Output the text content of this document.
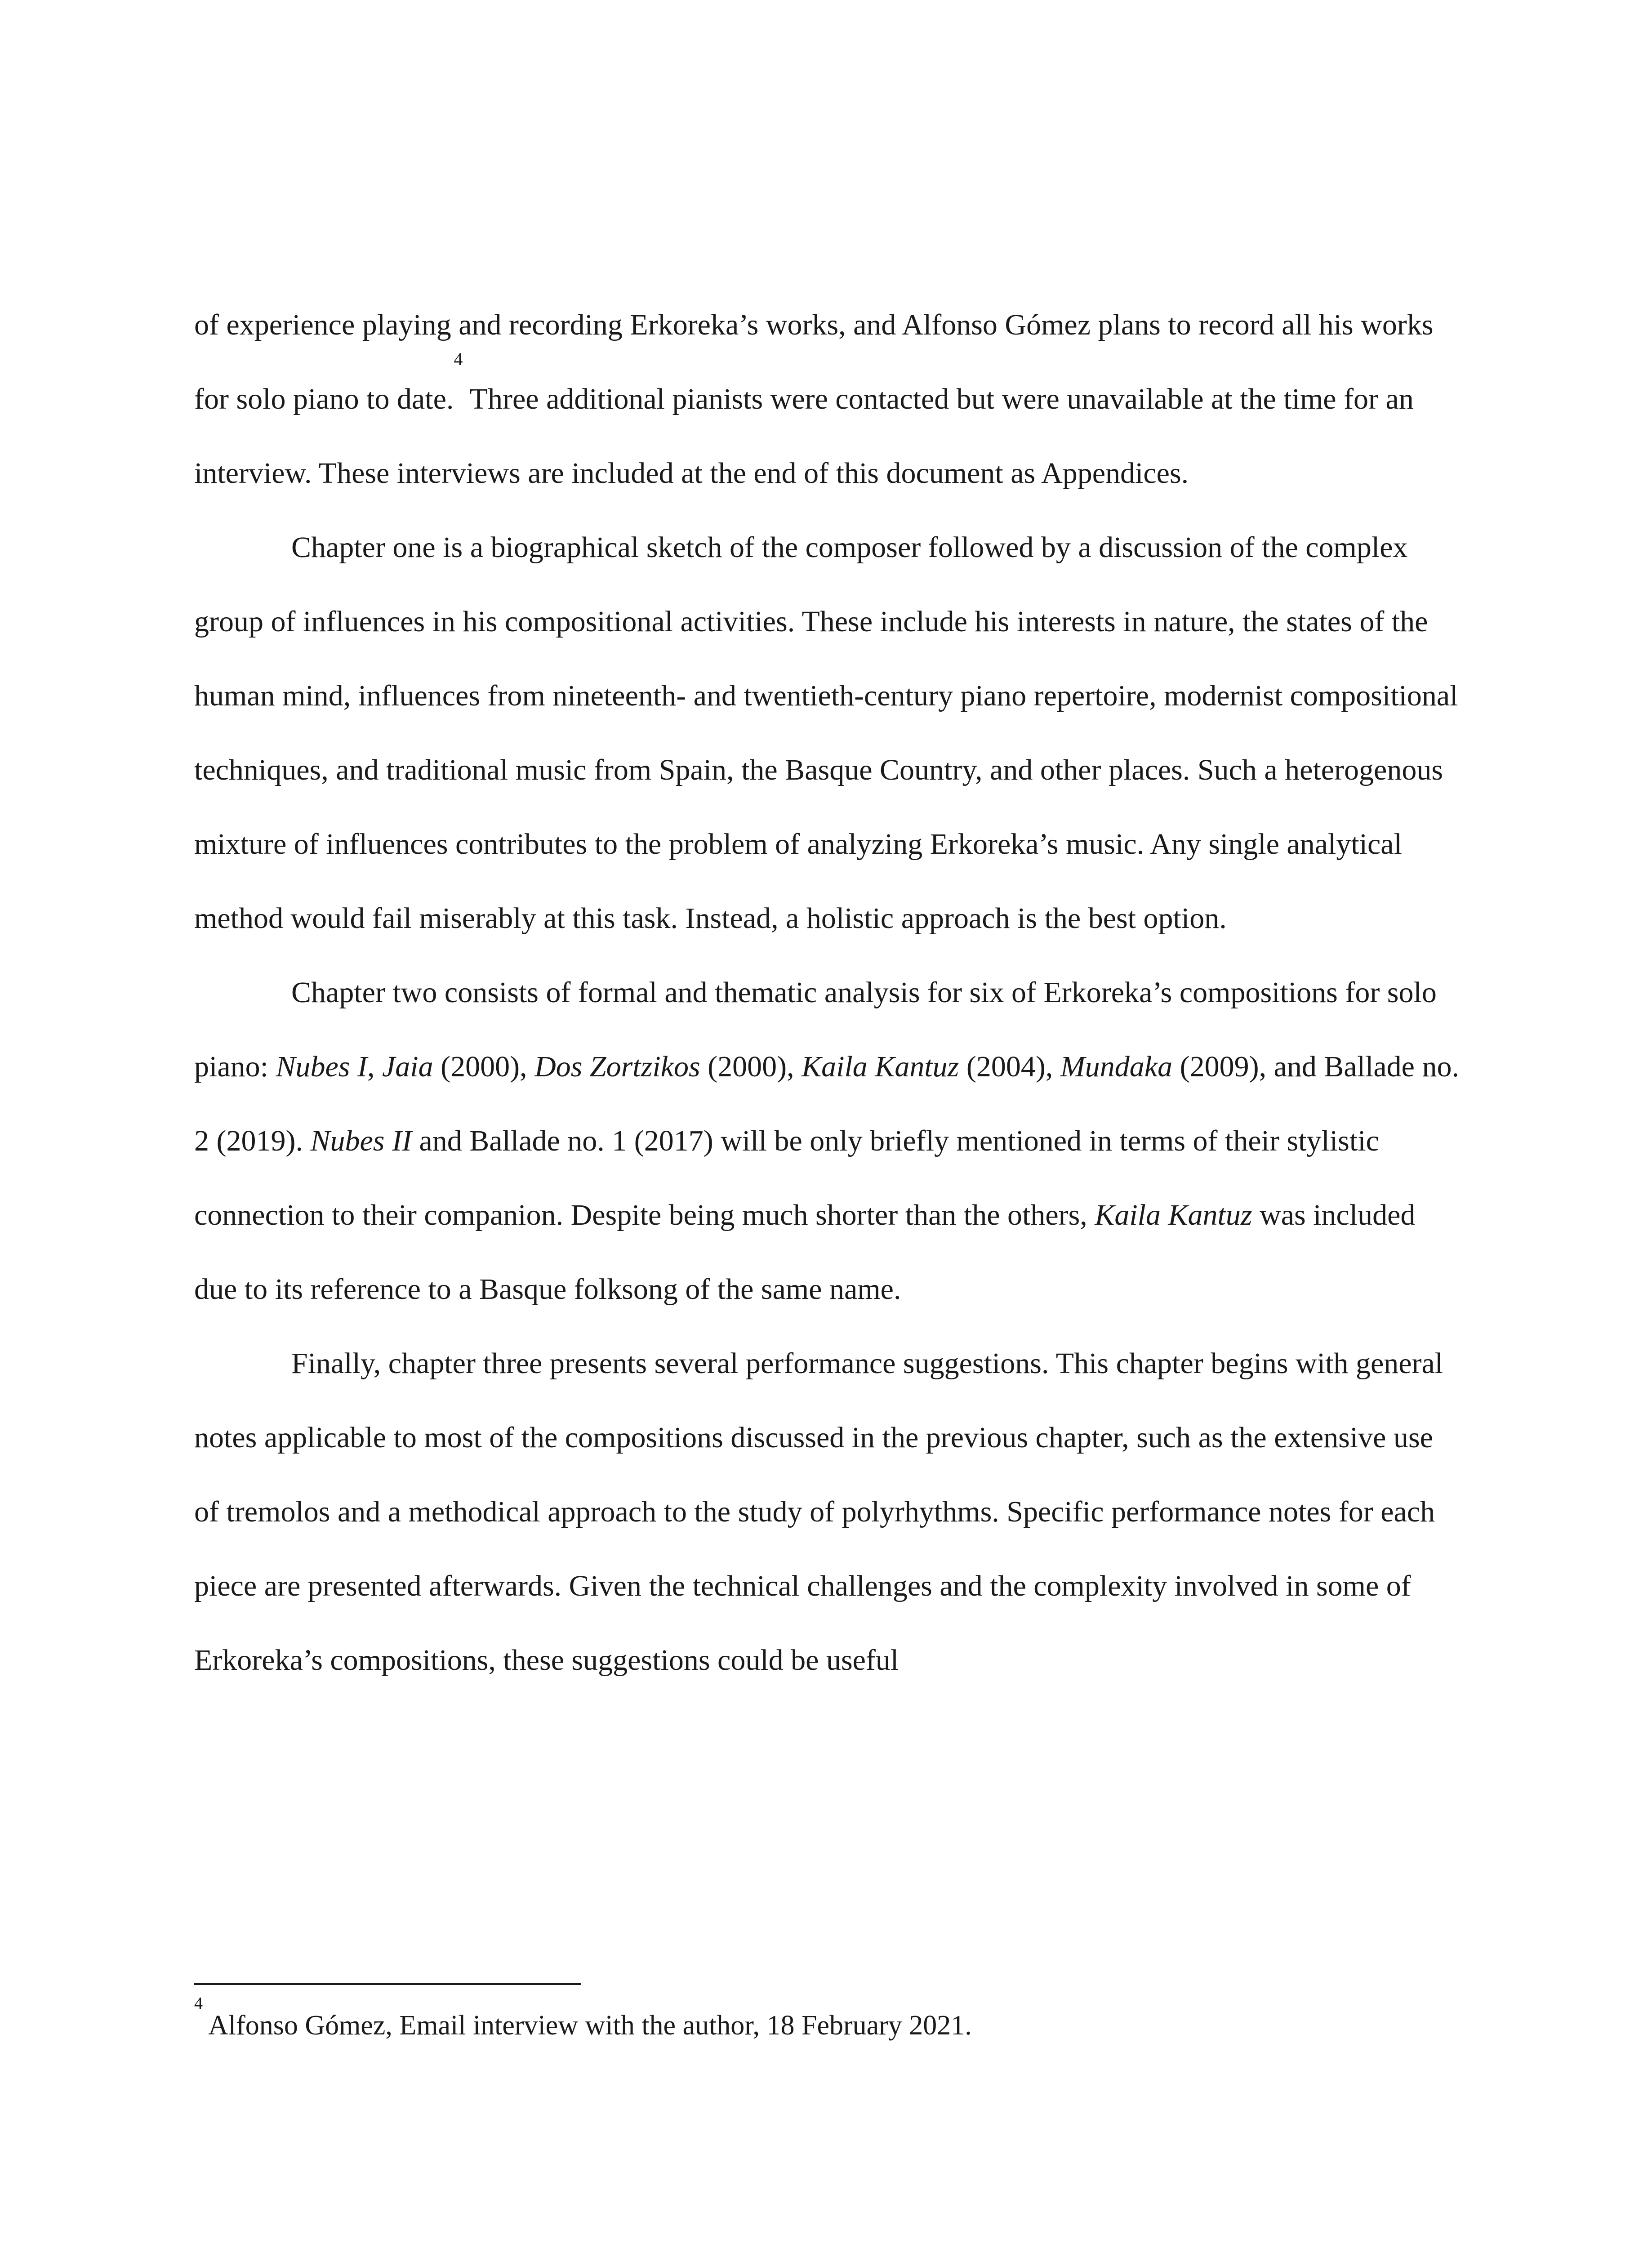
of experience playing and recording Erkoreka’s works, and Alfonso Gómez plans to record all his works for solo piano to date.$^4$ Three additional pianists were contacted but were unavailable at the time for an interview. These interviews are included at the end of this document as Appendices.

Chapter one is a biographical sketch of the composer followed by a discussion of the complex group of influences in his compositional activities. These include his interests in nature, the states of the human mind, influences from nineteenth- and twentieth-century piano repertoire, modernist compositional techniques, and traditional music from Spain, the Basque Country, and other places. Such a heterogenous mixture of influences contributes to the problem of analyzing Erkoreka’s music. Any single analytical method would fail miserably at this task. Instead, a holistic approach is the best option.

Chapter two consists of formal and thematic analysis for six of Erkoreka’s compositions for solo piano: Nubes I, Jaia (2000), Dos Zortzikos (2000), Kaila Kantuz (2004), Mundaka (2009), and Ballade no. 2 (2019). Nubes II and Ballade no. 1 (2017) will be only briefly mentioned in terms of their stylistic connection to their companion. Despite being much shorter than the others, Kaila Kantuz was included due to its reference to a Basque folksong of the same name.

Finally, chapter three presents several performance suggestions. This chapter begins with general notes applicable to most of the compositions discussed in the previous chapter, such as the extensive use of tremolos and a methodical approach to the study of polyrhythms. Specific performance notes for each piece are presented afterwards. Given the technical challenges and the complexity involved in some of Erkoreka’s compositions, these suggestions could be useful

$^4$ Alfonso Gómez, Email interview with the author, 18 February 2021.
